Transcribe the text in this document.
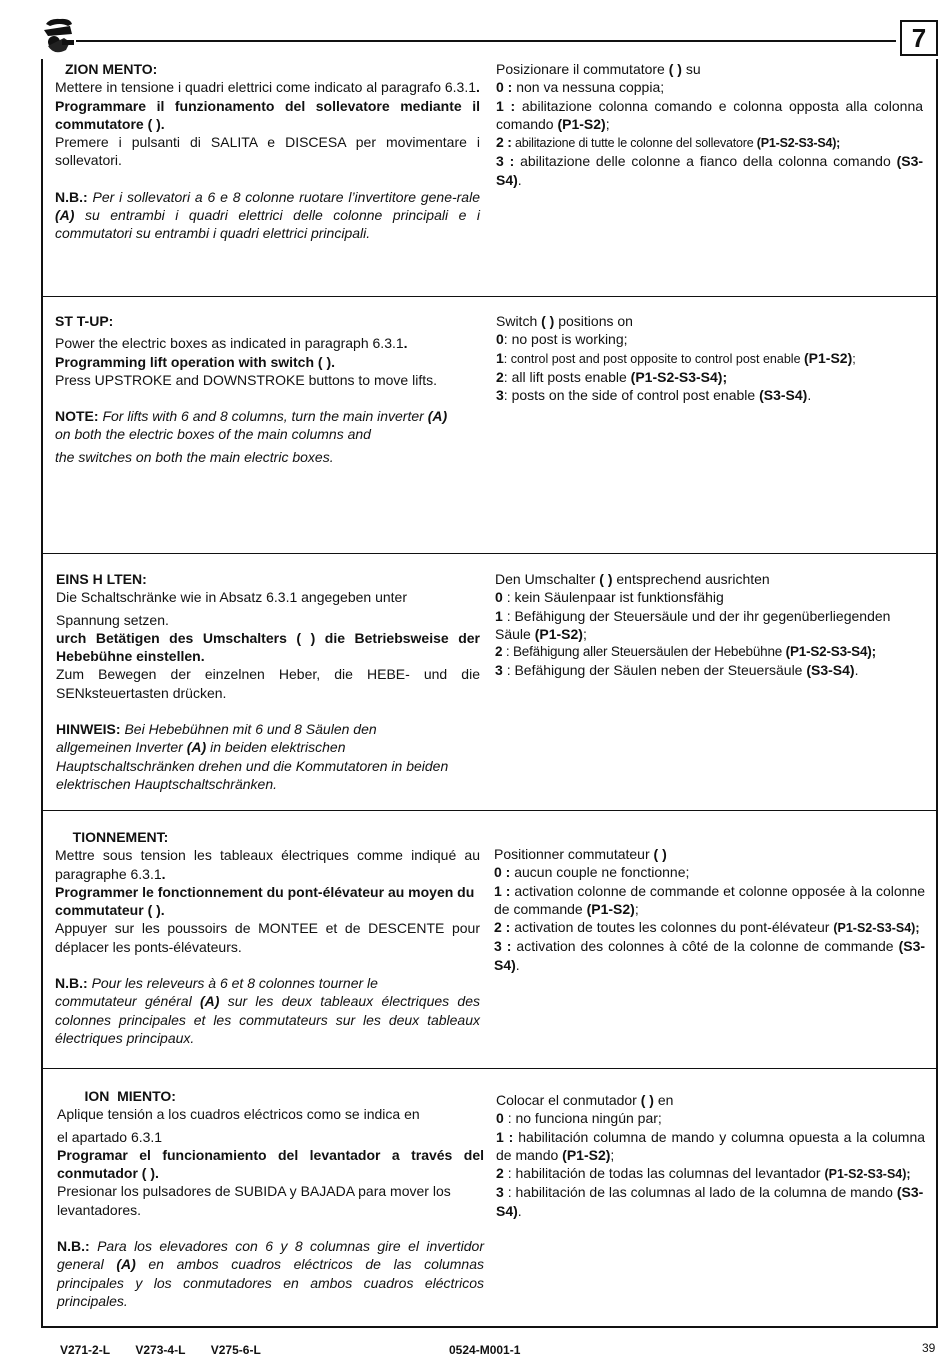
7

ZION MENTO:

Mettere in tensione i quadri elettrici come indicato al paragrafo 6.3.1.

Programmare il funzionamento del sollevatore mediante il commutatore ( ).

Premere i pulsanti di SALITA e DISCESA per movimentare i sollevatori.

N.B.: Per i sollevatori a 6 e 8 colonne ruotare l’invertitore gene-rale (A) su entrambi i quadri elettrici delle colonne principali e i commutatori su entrambi i quadri elettrici principali.

Posizionare il commutatore ( ) su

0 : non va nessuna coppia;

1 : abilitazione colonna comando e colonna opposta alla colonna comando (P1-S2);

2 : abilitazione di tutte le colonne del sollevatore (P1-S2-S3-S4);

3 : abilitazione delle colonne a fianco della colonna comando (S3-S4).

ST T-UP:

Power the electric boxes as indicated in paragraph 6.3.1.

Programming lift operation with switch ( ).

Press UPSTROKE and DOWNSTROKE buttons to move lifts.

NOTE: For lifts with 6 and 8 columns, turn the main inverter (A)
on both the electric boxes of the main columns and

the switches on both the main electric boxes.

Switch ( ) positions on

0: no post is working;

1: control post and post opposite to control post enable (P1-S2);

2: all lift posts enable (P1-S2-S3-S4);

3: posts on the side of control post enable (S3-S4).

EINS H LTEN:

Die Schaltschränke wie in Absatz 6.3.1 angegeben unter

Spannung setzen.

urch Betätigen des Umschalters ( ) die Betriebsweise der Hebebühne einstellen.

Zum Bewegen der einzelnen Heber, die HEBE- und die SENksteuertasten drücken.

HINWEIS: Bei Hebebühnen mit 6 und 8 Säulen den
allgemeinen Inverter (A) in beiden elektrischen Hauptschaltschränken drehen und die Kommutatoren in beiden elektrischen Hauptschaltschränken.

Den Umschalter ( ) entsprechend ausrichten

0 : kein Säulenpaar ist funktionsfähig

1 : Befähigung der Steuersäule und der ihr gegenüberliegenden Säule (P1-S2);

2 : Befähigung aller Steuersäulen der Hebebühne (P1-S2-S3-S4);

3 : Befähigung der Säulen neben der Steuersäule (S3-S4).

TIONNEMENT:

Mettre sous tension les tableaux électriques comme indiqué au paragraphe 6.3.1.

Programmer le fonctionnement du pont-élévateur au moyen du commutateur ( ).

Appuyer sur les poussoirs de MONTEE et de DESCENTE pour déplacer les ponts-élévateurs.

N.B.: Pour les releveurs à 6 et 8 colonnes tourner le
commutateur général (A) sur les deux tableaux électriques des colonnes principales et les commutateurs sur les deux tableaux électriques principaux.

Positionner commutateur ( )

0 : aucun couple ne fonctionne;

1 : activation colonne de commande et colonne opposée à la colonne de commande (P1-S2);

2 : activation de toutes les colonnes du pont-élévateur (P1-S2-S3-S4);

3 : activation des colonnes à côté de la colonne de commande (S3-S4).

ION  MIENTO:

Aplique tensión a los cuadros eléctricos como se indica en

el apartado 6.3.1

Programar el funcionamiento del levantador a través del conmutador ( ).

Presionar los pulsadores de SUBIDA y BAJADA para mover los levantadores.

N.B.: Para los elevadores con 6 y 8 columnas gire el invertidor general (A) en ambos cuadros eléctricos de las columnas principales y los conmutadores en ambos cuadros eléctricos principales.

Colocar el conmutador ( ) en

0 : no funciona ningún par;

1 : habilitación columna de mando y columna opuesta a la columna de mando (P1-S2);

2 : habilitación de todas las columnas del levantador (P1-S2-S3-S4);

3 : habilitación de las columnas al lado de la columna de mando (S3-S4).

V271-2-L V273-4-L V275-6-L	0524-M001-1	39
